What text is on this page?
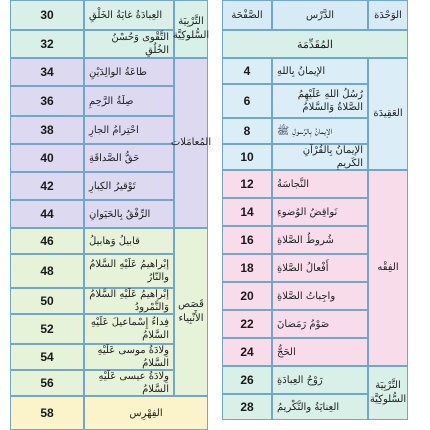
الوَحْدَة
الدَّرْس
الصَّفْحَة
المُقَدِّمَة
الإيمانُ بِاللهِ
4
رُسُلُ اللهِ عَلَيْهِمُ الصَّلاةُ وَالسَّلامُ
6
الإيمانُ بِالرَّسولِ ﷺ
8
الإيمانُ بِالقُرْآنِ الكَريمِ
10
العَقِيدَة
النَّجاسَةُ
12
نَواقِضُ الوُضوءِ
14
شُروطُ الصَّلاةِ
16
أَفْعالُ الصَّلاةِ
18
واجِباتُ الصَّلاةِ
20
صَوْمُ رَمَضانَ
22
الحَجُّ
24
الفِقْه
رَوْحُ العِبادَةِ
26
العِنايَةُ والتَّكْريمُ
28
التَّرْبِيَة السُّلوكِيَّة
العِبادَةُ غايَةُ الخَلْقِ
30
التَّقْوى وَحُسْنُ الخُلُقِ
32
التَّرْبِيَة السُّلوكِيَّة
طاعَةُ الوالِدَيْنِ
34
صِلَةُ الرَّحِمِ
36
احْتِرامُ الجارِ
38
حَقُّ الصَّداقَةِ
40
تَوْقيرُ الكِبارِ
42
الرِّفْقُ بِالحَيَوانِ
44
المُعامَلات
قابيلُ وَهابيلُ
46
إبْراهيمُ عَلَيْهِ السَّلامُ والنّارُ
48
إبْراهيمُ عَلَيْهِ السَّلامُ وَالنَّمْرودُ
50
فِداءُ إِسْماعيلَ عَلَيْهِ السَّلامُ
52
وِلادَةُ موسى عَلَيْهِ السَّلامُ
54
وِلادَةُ عيسى عَلَيْهِ السَّلامُ
56
قَصَص الأَنْبِياء
الفِهْرِس
58
